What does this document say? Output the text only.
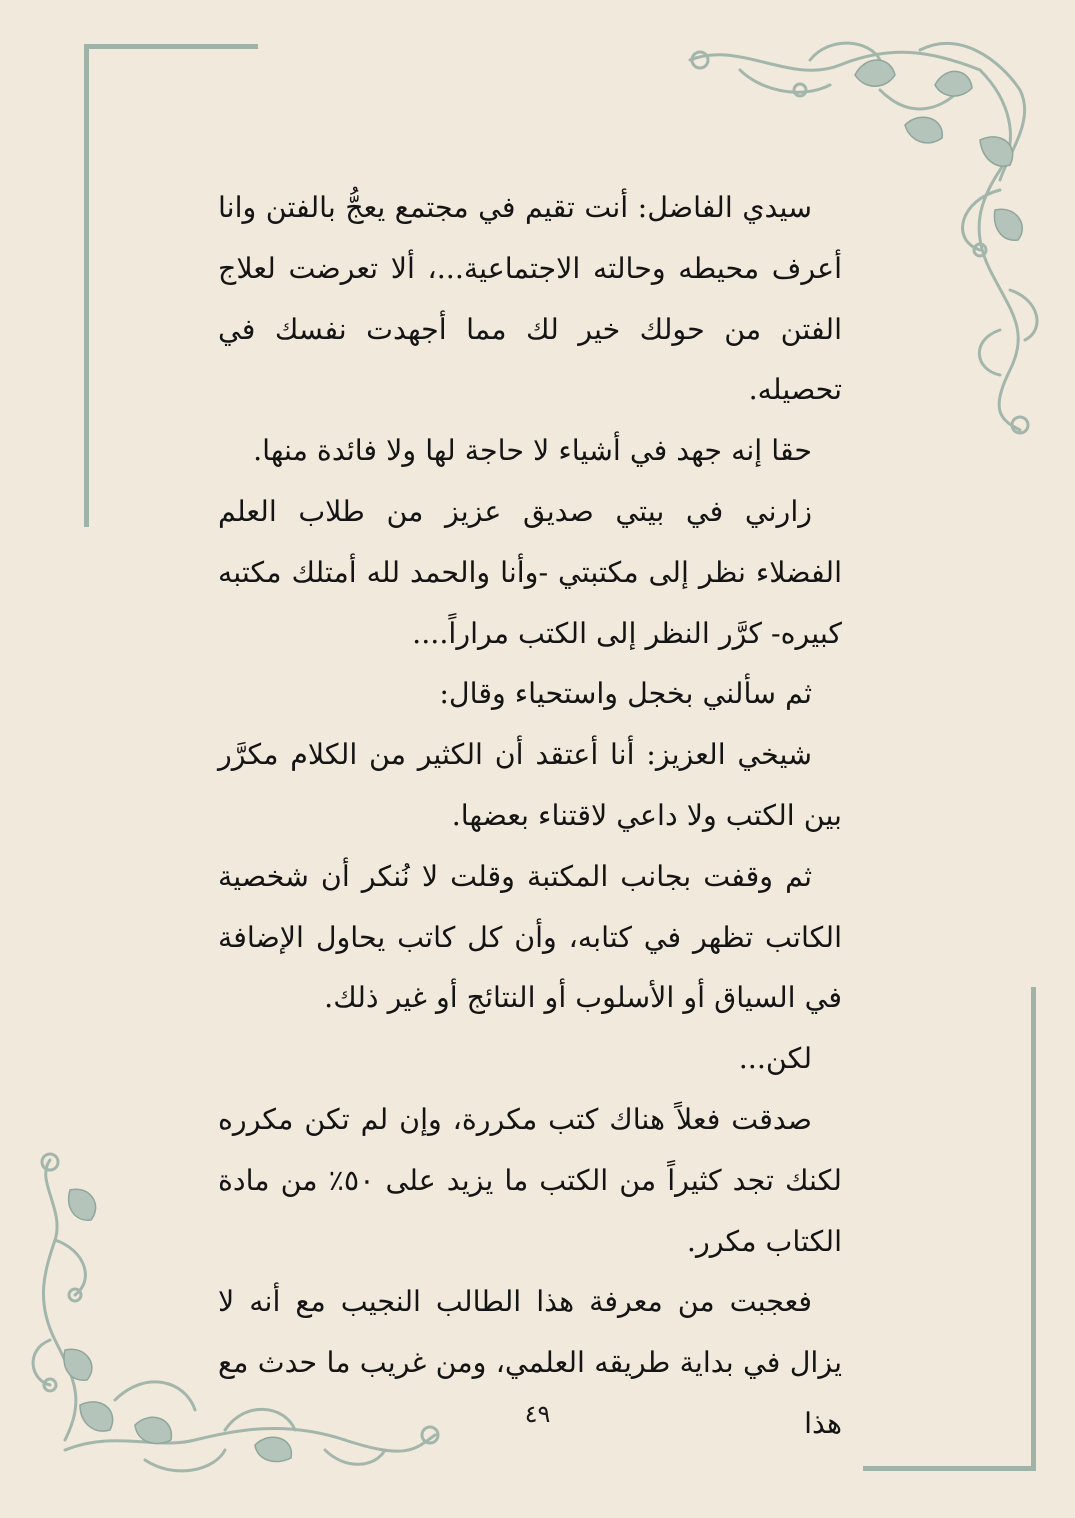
سيدي الفاضل: أنت تقيم في مجتمع يعجُّ بالفتن وانا أعرف محيطه وحالته الاجتماعية...، ألا تعرضت لعلاج الفتن من حولك خير لك مما أجهدت نفسك في تحصيله.

حقا إنه جهد في أشياء لا حاجة لها ولا فائدة منها.

زارني في بيتي صديق عزيز من طلاب العلم الفضلاء نظر إلى مكتبتي -وأنا والحمد لله أمتلك مكتبه كبيره- كرَّر النظر إلى الكتب مراراً....

ثم سألني بخجل واستحياء وقال:

شيخي العزيز: أنا أعتقد أن الكثير من الكلام مكرَّر بين الكتب ولا داعي لاقتناء بعضها.

ثم وقفت بجانب المكتبة وقلت لا نُنكر أن شخصية الكاتب تظهر في كتابه، وأن كل كاتب يحاول الإضافة في السياق أو الأسلوب أو النتائج أو غير ذلك.

لكن...

صدقت فعلاً هناك كتب مكررة، وإن لم تكن مكرره لكنك تجد كثيراً من الكتب ما يزيد على ٥٠٪ من مادة الكتاب مكرر.

فعجبت من معرفة هذا الطالب النجيب مع أنه لا يزال في بداية طريقه العلمي، ومن غريب ما حدث مع هذا

٤٩
